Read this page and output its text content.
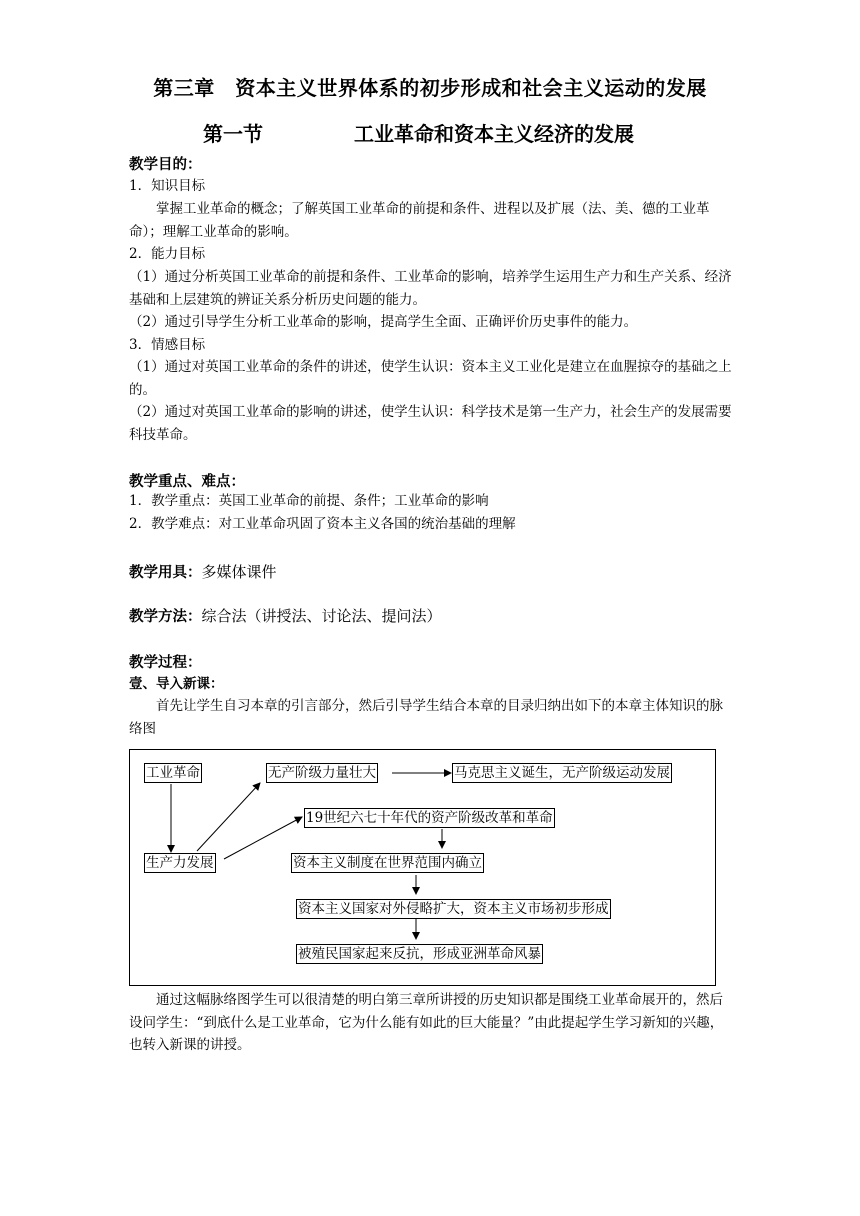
第三章　资本主义世界体系的初步形成和社会主义运动的发展
第一节	工业革命和资本主义经济的发展
教学目的：
1．知识目标
掌握工业革命的概念；了解英国工业革命的前提和条件、进程以及扩展（法、美、德的工业革命）；理解工业革命的影响。
2．能力目标
（1）通过分析英国工业革命的前提和条件、工业革命的影响，培养学生运用生产力和生产关系、经济基础和上层建筑的辨证关系分析历史问题的能力。
（2）通过引导学生分析工业革命的影响，提高学生全面、正确评价历史事件的能力。
3．情感目标
（1）通过对英国工业革命的条件的讲述，使学生认识：资本主义工业化是建立在血腥掠夺的基础之上的。
（2）通过对英国工业革命的影响的讲述，使学生认识：科学技术是第一生产力，社会生产的发展需要科技革命。
教学重点、难点：
1．教学重点：英国工业革命的前提、条件；工业革命的影响
2．教学难点：对工业革命巩固了资本主义各国的统治基础的理解
教学用具：多媒体课件
教学方法：综合法（讲授法、讨论法、提问法）
教学过程：
壹、导入新课：
首先让学生自习本章的引言部分，然后引导学生结合本章的目录归纳出如下的本章主体知识的脉络图
工业革命	无产阶级力量壮大	马克思主义诞生，无产阶级运动发展
19世纪六七十年代的资产阶级改革和革命
生产力发展	资本主义制度在世界范围内确立
资本主义国家对外侵略扩大，资本主义市场初步形成
被殖民国家起来反抗，形成亚洲革命风暴
通过这幅脉络图学生可以很清楚的明白第三章所讲授的历史知识都是围绕工业革命展开的，然后设问学生：“到底什么是工业革命，它为什么能有如此的巨大能量？”由此提起学生学习新知的兴趣，也转入新课的讲授。
